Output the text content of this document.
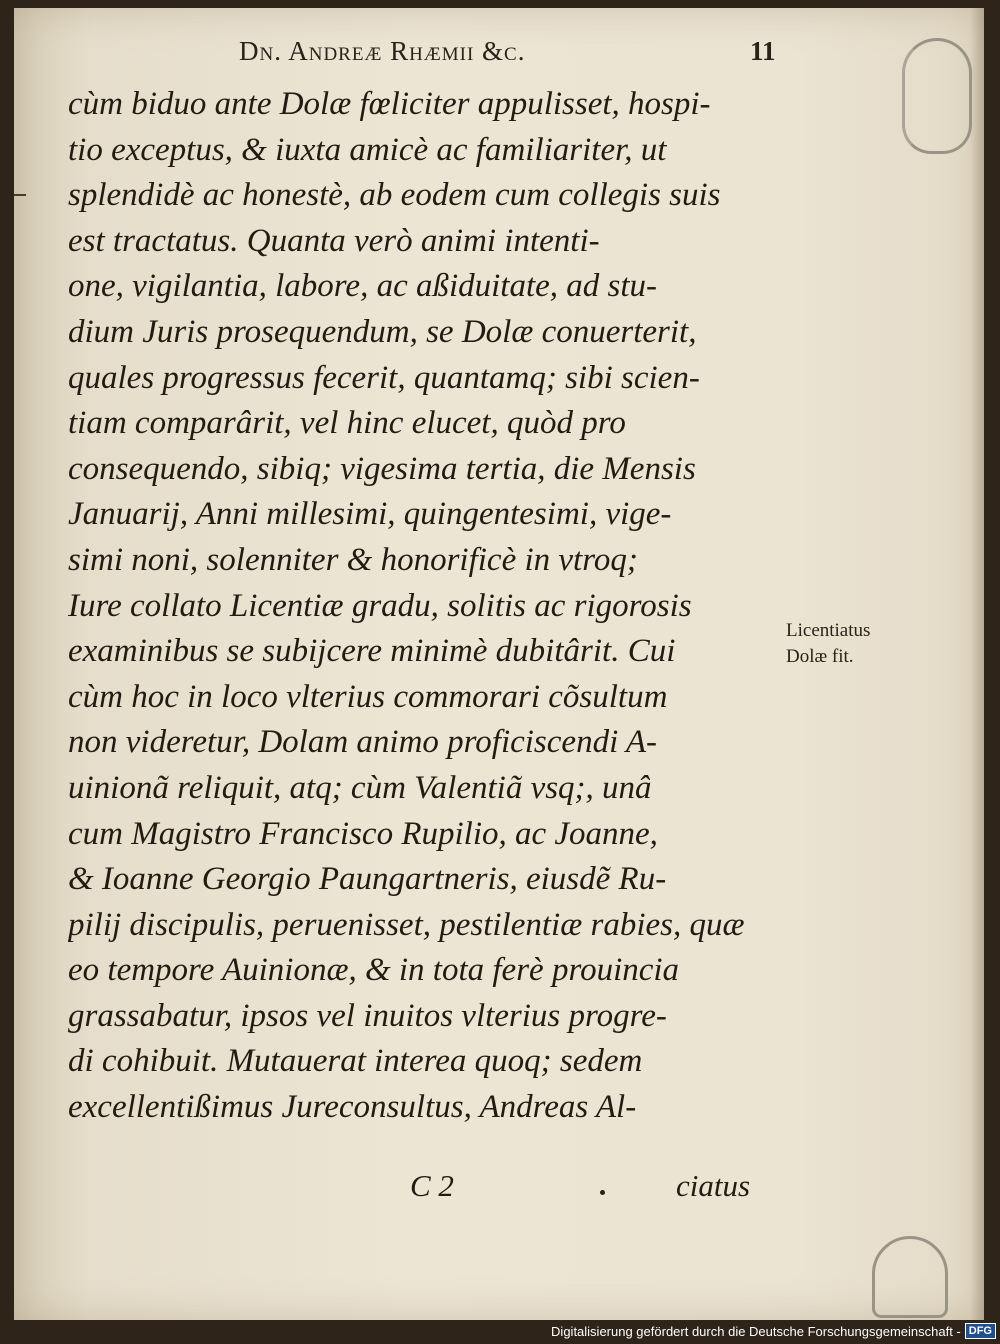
Dn. Andreæ Rhæmii &c.	11
cùm biduo ante Dolæ fœliciter appulisset, hospi-
tio exceptus, & iuxta amicè ac familiariter, ut
splendidè ac honestè, ab eodem cum collegis suis
est tractatus. Quanta verò animi intenti-
one, vigilantia, labore, ac aßiduitate, ad stu-
dium Juris prosequendum, se Dolæ conuerterit,
quales progressus fecerit, quantamq; sibi scien-
tiam comparârit, vel hinc elucet, quòd pro
consequendo, sibiq; vigesima tertia, die Mensis
Januarij, Anni millesimi, quingentesimi, vige-
simi noni, solenniter & honorificè in vtroq;
Iure collato Licentiæ gradu, solitis ac rigorosis
examinibus se subijcere minimè dubitârit. Cui
cùm hoc in loco vlterius commorari cõsultum
non videretur, Dolam animo proficiscendi A-
uinionã reliquit, atq; cùm Valentiã vsq;, unâ
cum Magistro Francisco Rupilio, ac Joanne,
& Ioanne Georgio Paungartneris, eiusdẽ Ru-
pilij discipulis, peruenisset, pestilentiæ rabies, quæ
eo tempore Auinionæ, & in tota ferè prouincia
grassabatur, ipsos vel inuitos vlterius progre-
di cohibuit. Mutauerat interea quoq; sedem
excellentißimus Jureconsultus, Andreas Al-
Licentiatus
Dolæ fit.
C 2	ciatus
Digitalisierung gefördert durch die Deutsche Forschungsgemeinschaft - DFG
